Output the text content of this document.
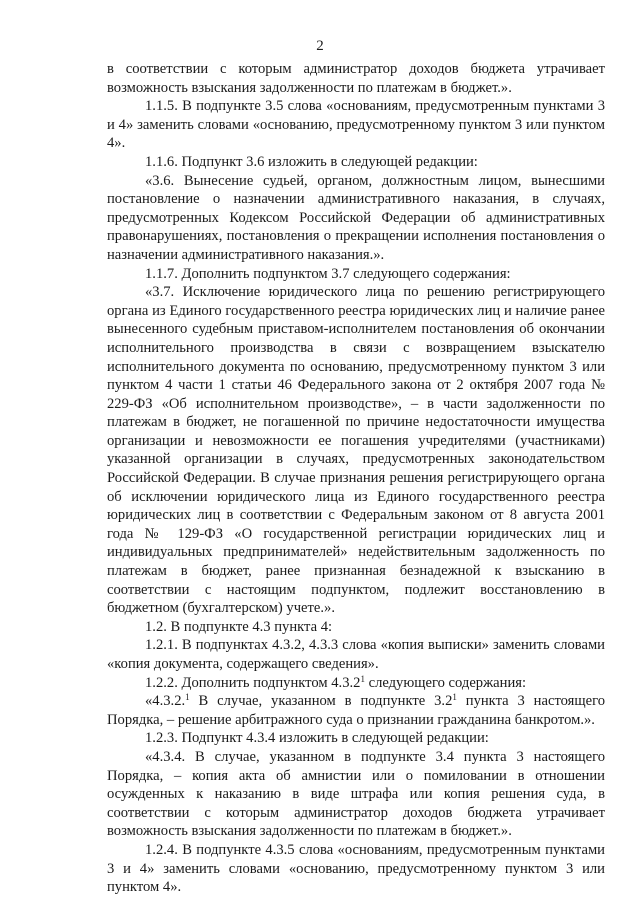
2

в соответствии с которым администратор доходов бюджета утрачивает возможность взыскания задолженности по платежам в бюджет.».

1.1.5. В подпункте 3.5 слова «основаниям, предусмотренным пунктами 3 и 4» заменить словами «основанию, предусмотренному пунктом 3 или пунктом 4».

1.1.6. Подпункт 3.6 изложить в следующей редакции:

«3.6. Вынесение судьей, органом, должностным лицом, вынесшими постановление о назначении административного наказания, в случаях, предусмотренных Кодексом Российской Федерации об административных правонарушениях, постановления о прекращении исполнения постановления о назначении административного наказания.».

1.1.7. Дополнить подпунктом 3.7 следующего содержания:

«3.7. Исключение юридического лица по решению регистрирующего органа из Единого государственного реестра юридических лиц и наличие ранее вынесенного судебным приставом-исполнителем постановления об окончании исполнительного производства в связи с возвращением взыскателю исполнительного документа по основанию, предусмотренному пунктом 3 или пунктом 4 части 1 статьи 46 Федерального закона от 2 октября 2007 года № 229-ФЗ «Об исполнительном производстве», – в части задолженности по платежам в бюджет, не погашенной по причине недостаточности имущества организации и невозможности ее погашения учредителями (участниками) указанной организации в случаях, предусмотренных законодательством Российской Федерации. В случае признания решения регистрирующего органа об исключении юридического лица из Единого государственного реестра юридических лиц в соответствии с Федеральным законом от 8 августа 2001 года № 129-ФЗ «О государственной регистрации юридических лиц и индивидуальных предпринимателей» недействительным задолженность по платежам в бюджет, ранее признанная безнадежной к взысканию в соответствии с настоящим подпунктом, подлежит восстановлению в бюджетном (бухгалтерском) учете.».

1.2. В подпункте 4.3 пункта 4:

1.2.1. В подпунктах 4.3.2, 4.3.3 слова «копия выписки» заменить словами «копия документа, содержащего сведения».

1.2.2. Дополнить подпунктом 4.3.2$^1$ следующего содержания:

«4.3.2.$^1$ В случае, указанном в подпункте $3.2^1$ пункта 3 настоящего Порядка, – решение арбитражного суда о признании гражданина банкротом.».

1.2.3. Подпункт 4.3.4 изложить в следующей редакции:

«4.3.4. В случае, указанном в подпункте 3.4 пункта 3 настоящего Порядка, – копия акта об амнистии или о помиловании в отношении осужденных к наказанию в виде штрафа или копия решения суда, в соответствии с которым администратор доходов бюджета утрачивает возможность взыскания задолженности по платежам в бюджет.».

1.2.4. В подпункте 4.3.5 слова «основаниям, предусмотренным пунктами 3 и 4» заменить словами «основанию, предусмотренному пунктом 3 или пунктом 4».
